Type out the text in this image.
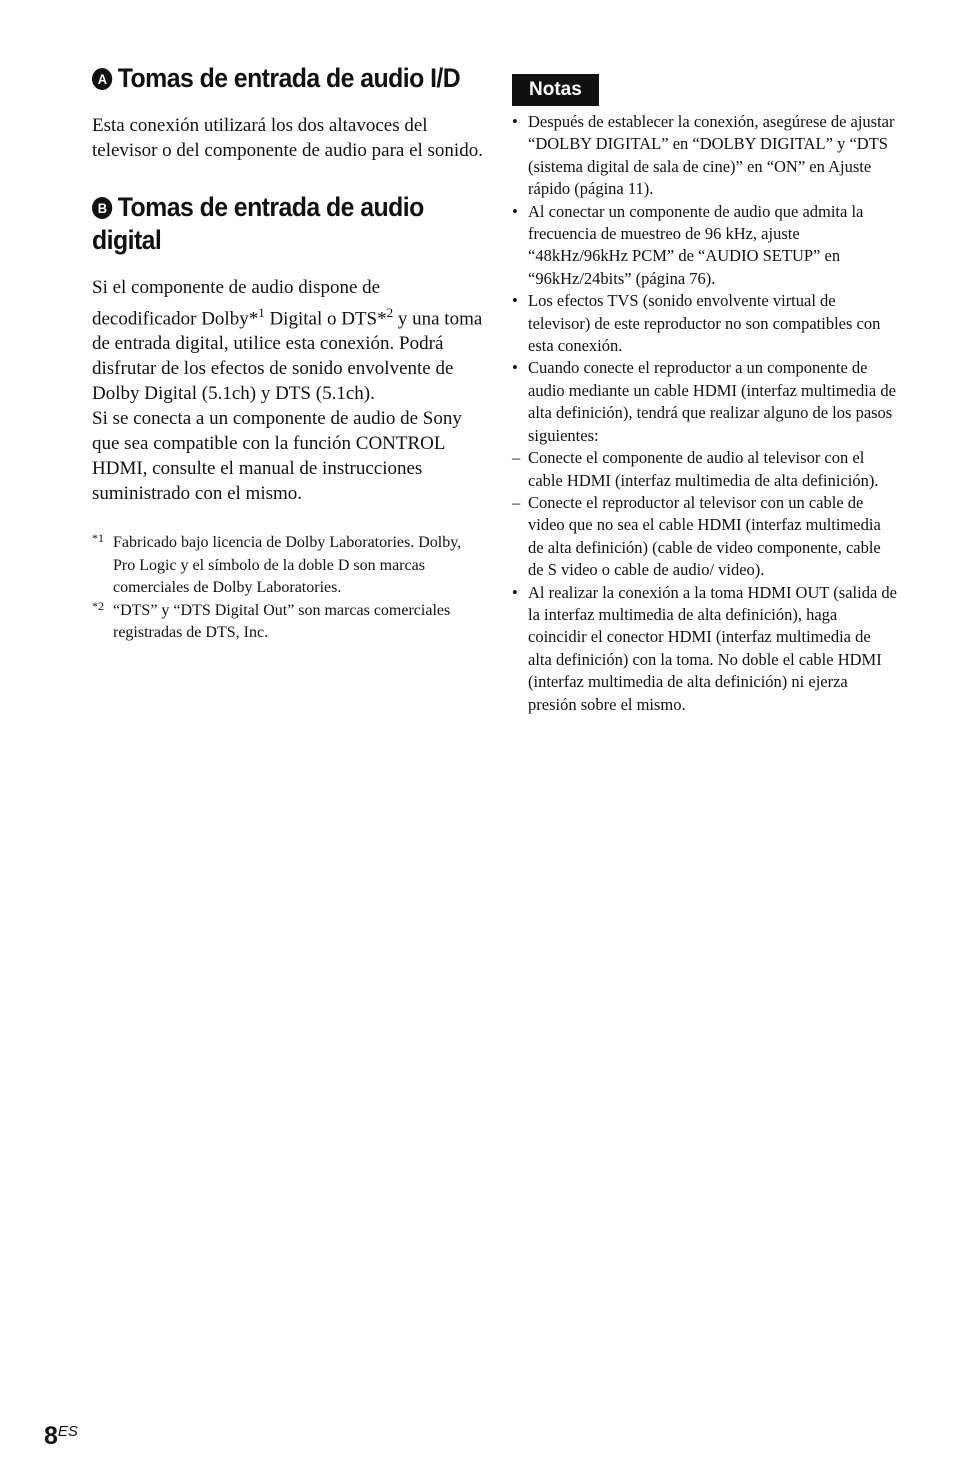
A Tomas de entrada de audio I/D

Esta conexión utilizará los dos altavoces del televisor o del componente de audio para el sonido.

B Tomas de entrada de audio digital

Si el componente de audio dispone de decodificador Dolby*$^1$ Digital o DTS*$^2$ y una toma de entrada digital, utilice esta conexión. Podrá disfrutar de los efectos de sonido envolvente de Dolby Digital (5.1ch) y DTS (5.1ch).

Si se conecta a un componente de audio de Sony que sea compatible con la función CONTROL HDMI, consulte el manual de instrucciones suministrado con el mismo.

*1 Fabricado bajo licencia de Dolby Laboratories. Dolby, Pro Logic y el símbolo de la doble D son marcas comerciales de Dolby Laboratories.
*2 “DTS” y “DTS Digital Out” son marcas comerciales registradas de DTS, Inc.
Notas
• Después de establecer la conexión, asegúrese de ajustar “DOLBY DIGITAL” en “DOLBY DIGITAL” y “DTS (sistema digital de sala de cine)” en “ON” en Ajuste rápido (página 11).
• Al conectar un componente de audio que admita la frecuencia de muestreo de 96 kHz, ajuste “48kHz/96kHz PCM” de “AUDIO SETUP” en “96kHz/24bits” (página 76).
• Los efectos TVS (sonido envolvente virtual de televisor) de este reproductor no son compatibles con esta conexión.
• Cuando conecte el reproductor a un componente de audio mediante un cable HDMI (interfaz multimedia de alta definición), tendrá que realizar alguno de los pasos siguientes:
– Conecte el componente de audio al televisor con el cable HDMI (interfaz multimedia de alta definición).
– Conecte el reproductor al televisor con un cable de video que no sea el cable HDMI (interfaz multimedia de alta definición) (cable de video componente, cable de S video o cable de audio/ video).
• Al realizar la conexión a la toma HDMI OUT (salida de la interfaz multimedia de alta definición), haga coincidir el conector HDMI (interfaz multimedia de alta definición) con la toma. No doble el cable HDMI (interfaz multimedia de alta definición) ni ejerza presión sobre el mismo.
8ES
